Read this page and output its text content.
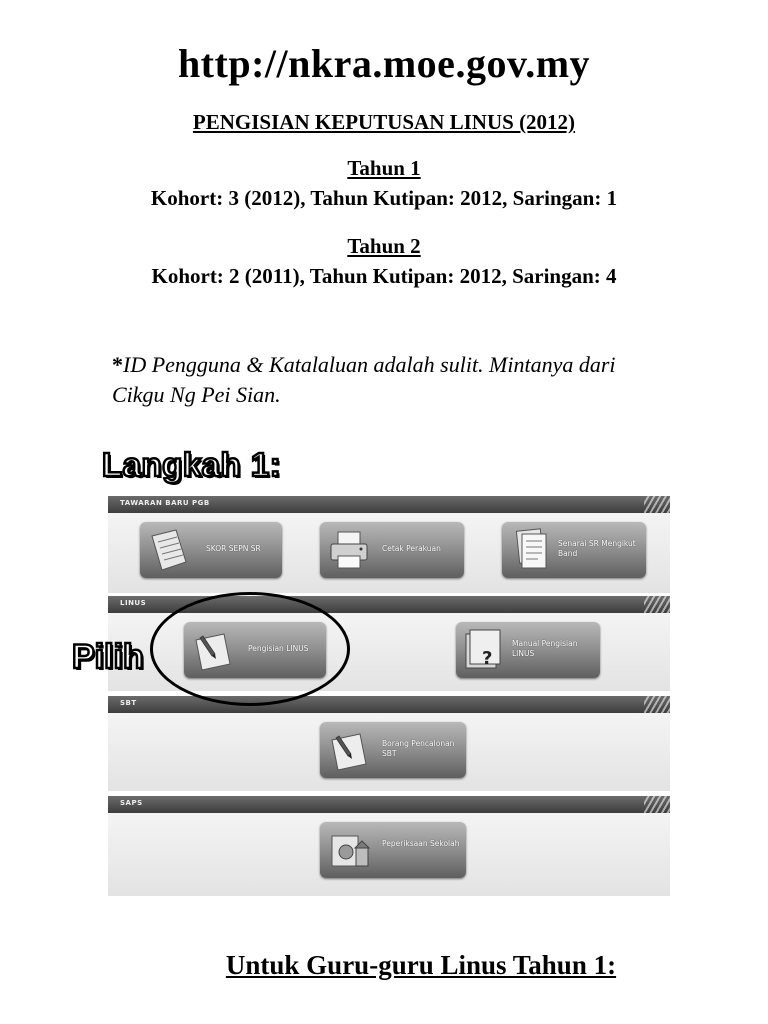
http://nkra.moe.gov.my
PENGISIAN KEPUTUSAN LINUS (2012)
Tahun 1
Kohort: 3 (2012), Tahun Kutipan: 2012, Saringan: 1
Tahun 2
Kohort: 2 (2011), Tahun Kutipan: 2012, Saringan: 4
*ID Pengguna & Katalaluan adalah sulit. Mintanya dari
Cikgu Ng Pei Sian.
Langkah 1:
TAWARAN BARU PGB
SKOR SEPN SR	Cetak Perakuan
Senarai SR Mengikut Band
LINUS
Pengisian LINUS	?
Manual Pengisian LINUS
SBT
Borang Pencalonan SBT
SAPS
Peperiksaan Sekolah
Pilih
Untuk Guru-guru Linus Tahun 1:
